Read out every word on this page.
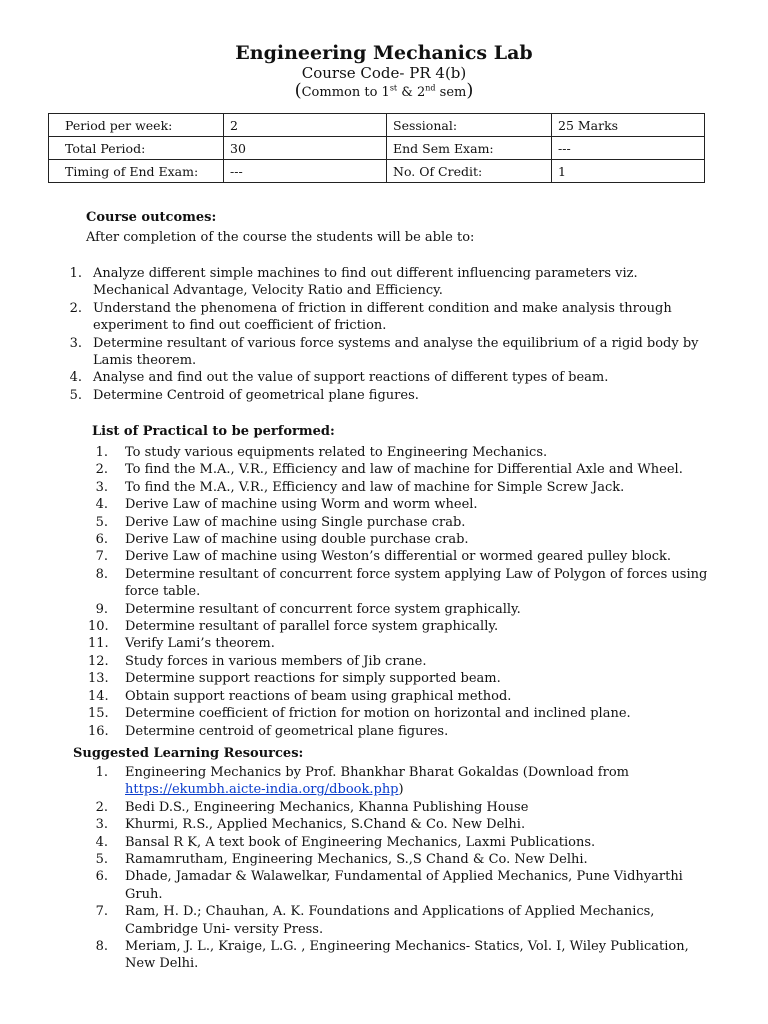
Engineering Mechanics Lab
Course Code- PR 4(b)
(Common to 1st & 2nd sem)
Period per week:	2	Sessional:	25 Marks
Total Period:	30	End Sem Exam:	---
Timing of End Exam:	---	No. Of Credit:	1
Course outcomes:
After completion of the course the students will be able to:
1. Analyze different simple machines to find out different influencing parameters viz. Mechanical Advantage, Velocity Ratio and Efficiency.
2. Understand the phenomena of friction in different condition and make analysis through experiment to find out coefficient of friction.
3. Determine resultant of various force systems and analyse the equilibrium of a rigid body by Lamis theorem.
4. Analyse and find out the value of support reactions of different types of beam.
5. Determine Centroid of geometrical plane figures.
List of Practical to be performed:
1. To study various equipments related to Engineering Mechanics.
2. To find the M.A., V.R., Efficiency and law of machine for Differential Axle and Wheel.
3. To find the M.A., V.R., Efficiency and law of machine for Simple Screw Jack.
4. Derive Law of machine using Worm and worm wheel.
5. Derive Law of machine using Single purchase crab.
6. Derive Law of machine using double purchase crab.
7. Derive Law of machine using Weston’s differential or wormed geared pulley block.
8. Determine resultant of concurrent force system applying Law of Polygon of forces using force table.
9. Determine resultant of concurrent force system graphically.
10. Determine resultant of parallel force system graphically.
11. Verify Lami’s theorem.
12. Study forces in various members of Jib crane.
13. Determine support reactions for simply supported beam.
14. Obtain support reactions of beam using graphical method.
15. Determine coefficient of friction for motion on horizontal and inclined plane.
16. Determine centroid of geometrical plane figures.
Suggested Learning Resources:
1. Engineering Mechanics by Prof. Bhankhar Bharat Gokaldas (Download from https://ekumbh.aicte-india.org/dbook.php)
2. Bedi D.S., Engineering Mechanics, Khanna Publishing House
3. Khurmi, R.S., Applied Mechanics, S.Chand & Co. New Delhi.
4. Bansal R K, A text book of Engineering Mechanics, Laxmi Publications.
5. Ramamrutham, Engineering Mechanics, S.,S Chand & Co. New Delhi.
6. Dhade, Jamadar & Walawelkar, Fundamental of Applied Mechanics, Pune Vidhyarthi Gruh.
7. Ram, H. D.; Chauhan, A. K. Foundations and Applications of Applied Mechanics, Cambridge Uni- versity Press.
8. Meriam, J. L., Kraige, L.G. , Engineering Mechanics- Statics, Vol. I, Wiley Publication, New Delhi.
